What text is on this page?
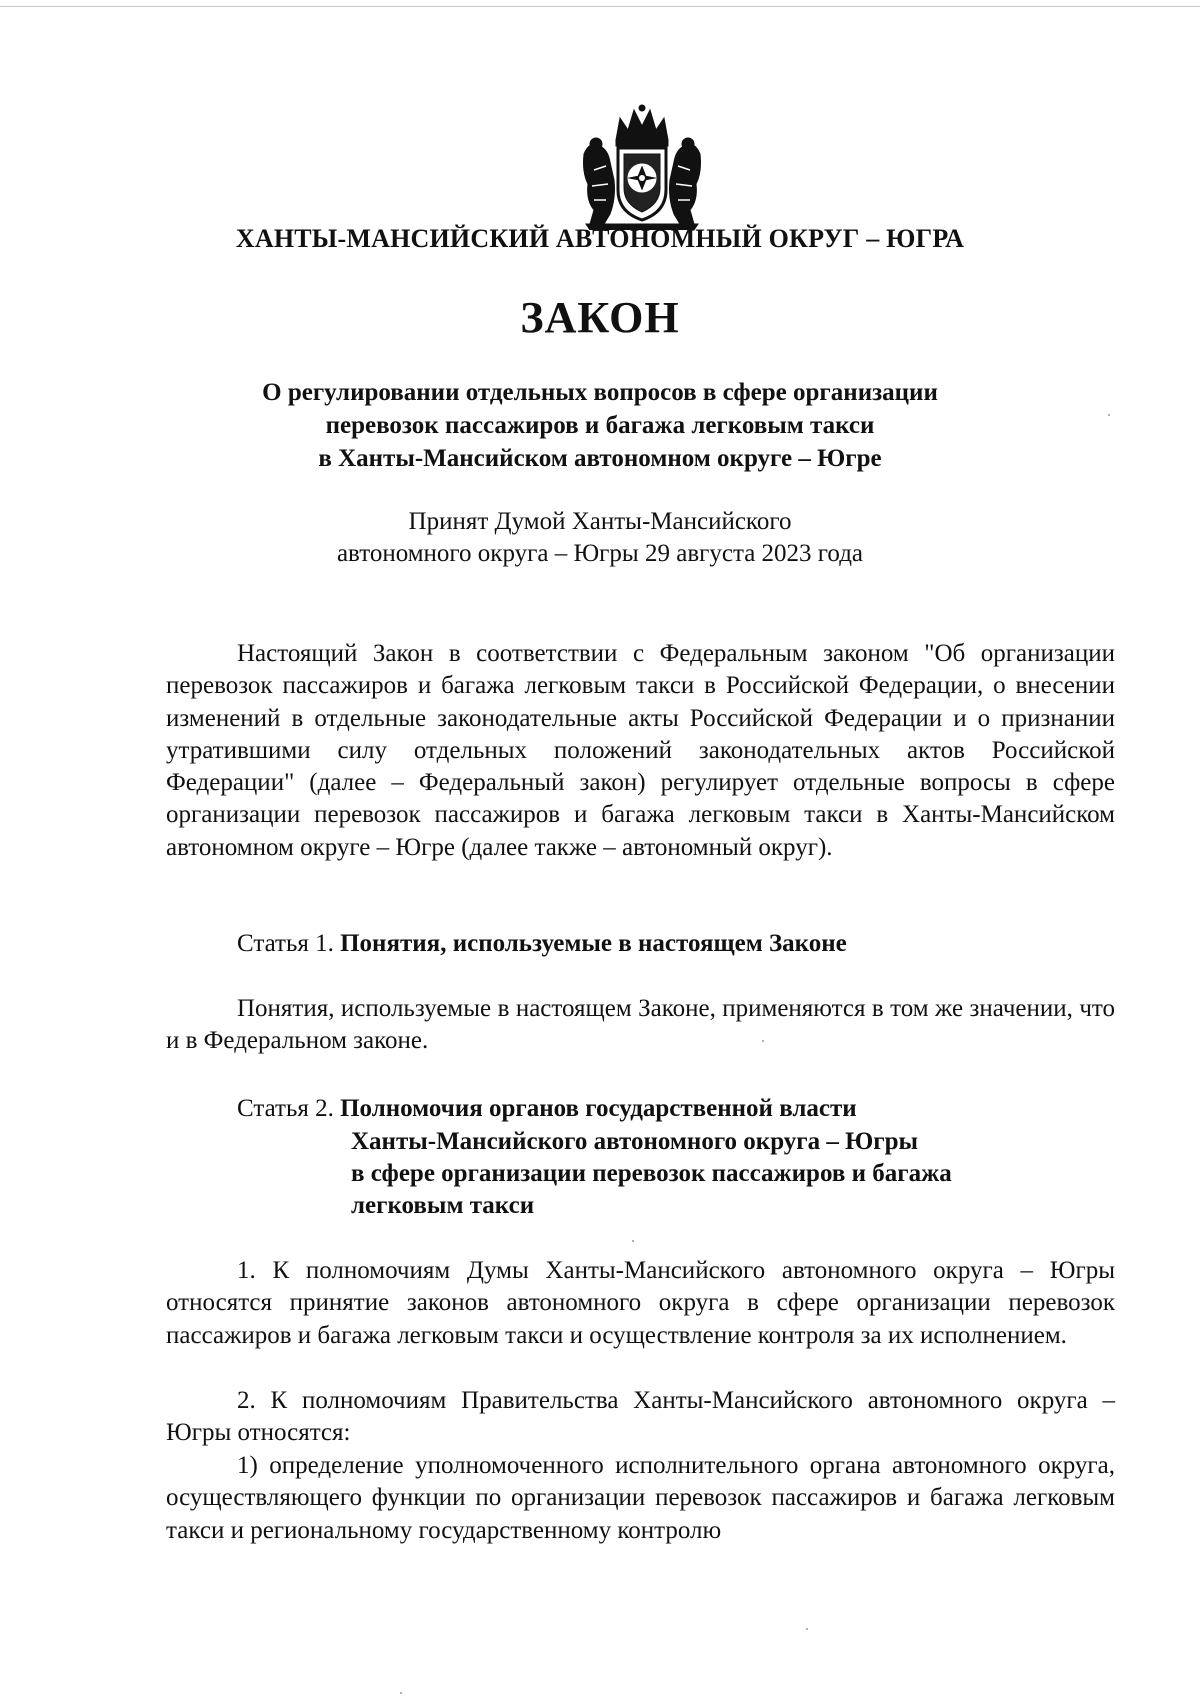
ХАНТЫ-МАНСИЙСКИЙ АВТОНОМНЫЙ ОКРУГ – ЮГРА
ЗАКОН
О регулировании отдельных вопросов в сфере организации
перевозок пассажиров и багажа легковым такси
в Ханты-Мансийском автономном округе – Югре
Принят Думой Ханты-Мансийского
автономного округа – Югры 29 августа 2023 года

Настоящий Закон в соответствии с Федеральным законом "Об организации перевозок пассажиров и багажа легковым такси в Российской Федерации, о внесении изменений в отдельные законодательные акты Российской Федерации и о признании утратившими силу отдельных положений законодательных актов Российской Федерации" (далее – Федеральный закон) регулирует отдельные вопросы в сфере организации перевозок пассажиров и багажа легковым такси в Ханты-Мансийском автономном округе – Югре (далее также – автономный округ).

Статья 1. Понятия, используемые в настоящем Законе

Понятия, используемые в настоящем Законе, применяются в том же значении, что и в Федеральном законе.

Статья 2. Полномочия органов государственной власти
Ханты-Мансийского автономного округа – Югры
в сфере организации перевозок пассажиров и багажа
легковым такси

1. К полномочиям Думы Ханты-Мансийского автономного округа – Югры относятся принятие законов автономного округа в сфере организации перевозок пассажиров и багажа легковым такси и осуществление контроля за их исполнением.

2. К полномочиям Правительства Ханты-Мансийского автономного округа – Югры относятся:

1) определение уполномоченного исполнительного органа автономного округа, осуществляющего функции по организации перевозок пассажиров и багажа легковым такси и региональному государственному контролю
